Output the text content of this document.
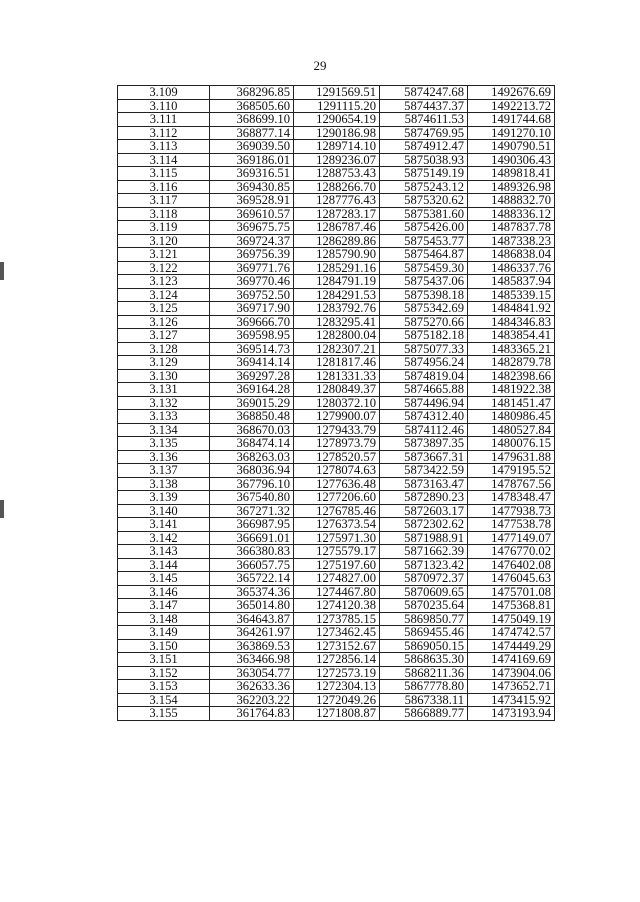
29
3.109	368296.85	1291569.51	5874247.68	1492676.69
3.110	368505.60	1291115.20	5874437.37	1492213.72
3.111	368699.10	1290654.19	5874611.53	1491744.68
3.112	368877.14	1290186.98	5874769.95	1491270.10
3.113	369039.50	1289714.10	5874912.47	1490790.51
3.114	369186.01	1289236.07	5875038.93	1490306.43
3.115	369316.51	1288753.43	5875149.19	1489818.41
3.116	369430.85	1288266.70	5875243.12	1489326.98
3.117	369528.91	1287776.43	5875320.62	1488832.70
3.118	369610.57	1287283.17	5875381.60	1488336.12
3.119	369675.75	1286787.46	5875426.00	1487837.78
3.120	369724.37	1286289.86	5875453.77	1487338.23
3.121	369756.39	1285790.90	5875464.87	1486838.04
3.122	369771.76	1285291.16	5875459.30	1486337.76
3.123	369770.46	1284791.19	5875437.06	1485837.94
3.124	369752.50	1284291.53	5875398.18	1485339.15
3.125	369717.90	1283792.76	5875342.69	1484841.92
3.126	369666.70	1283295.41	5875270.66	1484346.83
3.127	369598.95	1282800.04	5875182.18	1483854.41
3.128	369514.73	1282307.21	5875077.33	1483365.21
3.129	369414.14	1281817.46	5874956.24	1482879.78
3.130	369297.28	1281331.33	5874819.04	1482398.66
3.131	369164.28	1280849.37	5874665.88	1481922.38
3.132	369015.29	1280372.10	5874496.94	1481451.47
3.133	368850.48	1279900.07	5874312.40	1480986.45
3.134	368670.03	1279433.79	5874112.46	1480527.84
3.135	368474.14	1278973.79	5873897.35	1480076.15
3.136	368263.03	1278520.57	5873667.31	1479631.88
3.137	368036.94	1278074.63	5873422.59	1479195.52
3.138	367796.10	1277636.48	5873163.47	1478767.56
3.139	367540.80	1277206.60	5872890.23	1478348.47
3.140	367271.32	1276785.46	5872603.17	1477938.73
3.141	366987.95	1276373.54	5872302.62	1477538.78
3.142	366691.01	1275971.30	5871988.91	1477149.07
3.143	366380.83	1275579.17	5871662.39	1476770.02
3.144	366057.75	1275197.60	5871323.42	1476402.08
3.145	365722.14	1274827.00	5870972.37	1476045.63
3.146	365374.36	1274467.80	5870609.65	1475701.08
3.147	365014.80	1274120.38	5870235.64	1475368.81
3.148	364643.87	1273785.15	5869850.77	1475049.19
3.149	364261.97	1273462.45	5869455.46	1474742.57
3.150	363869.53	1273152.67	5869050.15	1474449.29
3.151	363466.98	1272856.14	5868635.30	1474169.69
3.152	363054.77	1272573.19	5868211.36	1473904.06
3.153	362633.36	1272304.13	5867778.80	1473652.71
3.154	362203.22	1272049.26	5867338.11	1473415.92
3.155	361764.83	1271808.87	5866889.77	1473193.94
